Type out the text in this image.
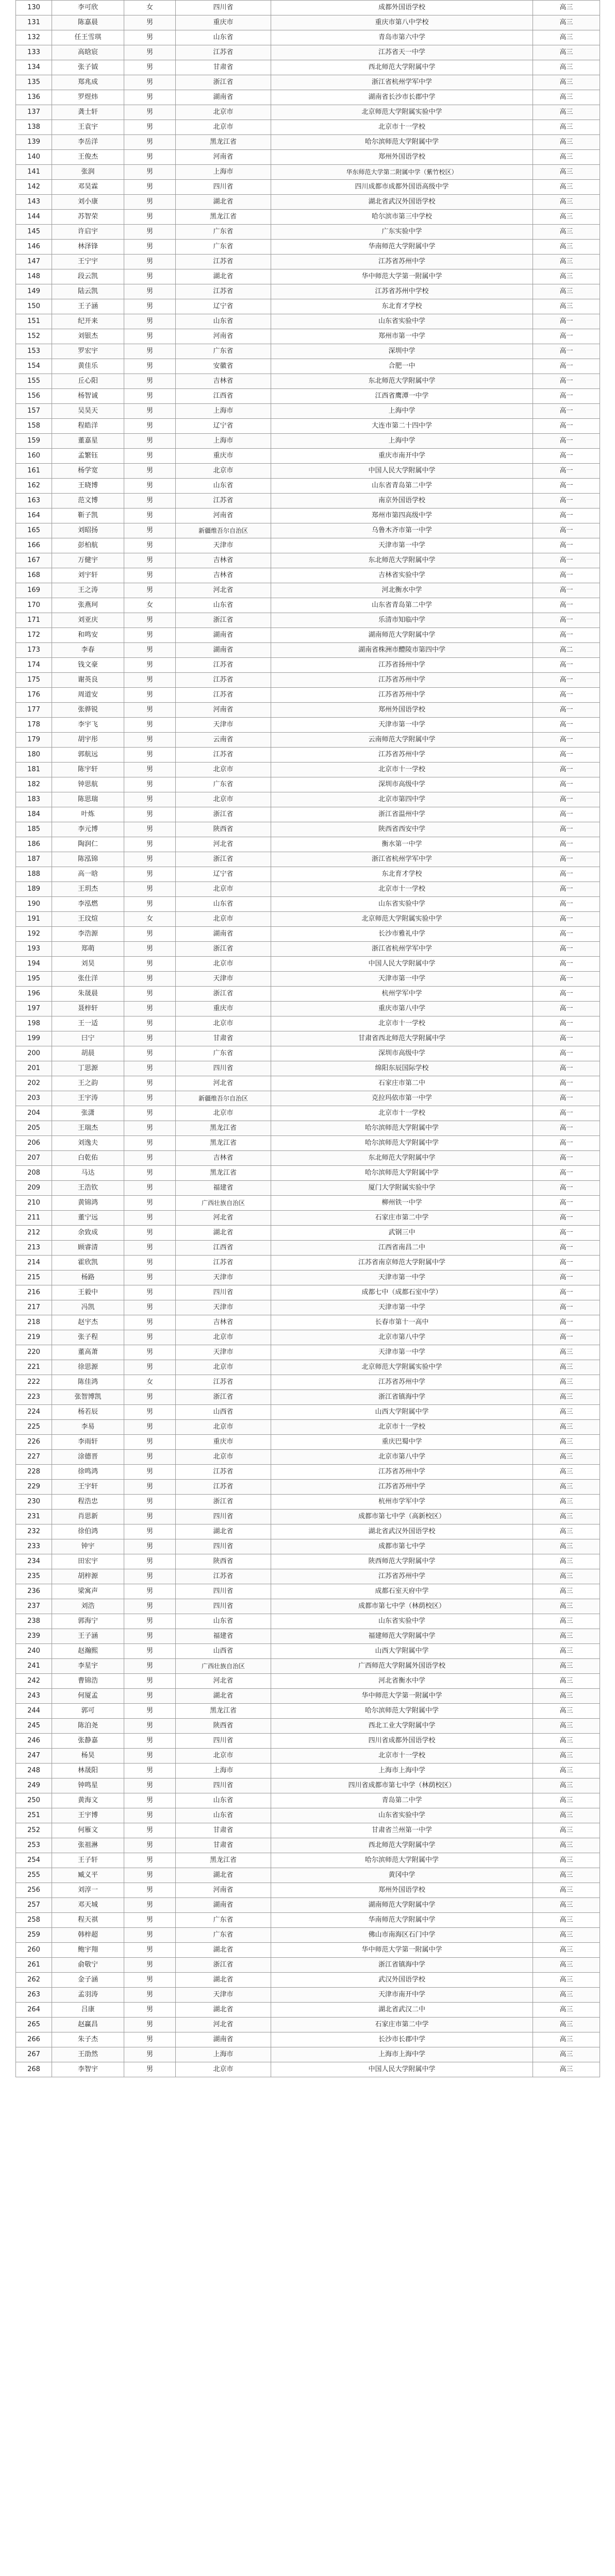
130	李可欣	女	四川省	成都外国语学校	高三
131	陈嘉晨	男	重庆市	重庆市第八中学校	高三
132	任王雪琪	男	山东省	青岛市第六中学	高三
133	高晗宸	男	江苏省	江苏省天一中学	高三
134	张子钺	男	甘肃省	西北师范大学附属中学	高三
135	郑兆成	男	浙江省	浙江省杭州学军中学	高三
136	罗煜炜	男	湖南省	湖南省长沙市长郡中学	高三
137	龚士轩	男	北京市	北京师范大学附属实验中学	高三
138	王袁宇	男	北京市	北京市十一学校	高三
139	李岳洋	男	黑龙江省	哈尔滨师范大学附属中学	高三
140	王俊杰	男	河南省	郑州外国语学校	高三
141	张润	男	上海市	华东师范大学第二附属中学（紫竹校区）	高三
142	邓昊霖	男	四川省	四川成都市成都外国语高级中学	高三
143	刘小康	男	湖北省	湖北省武汉外国语学校	高三
144	苏智荣	男	黑龙江省	哈尔滨市第三中学校	高三
145	许启宇	男	广东省	广东实验中学	高三
146	林泽锋	男	广东省	华南师范大学附属中学	高三
147	王宁宇	男	江苏省	江苏省苏州中学	高三
148	段云凯	男	湖北省	华中师范大学第一附属中学	高三
149	陆云凯	男	江苏省	江苏省苏州中学校	高三
150	王子涵	男	辽宁省	东北育才学校	高三
151	纪开来	男	山东省	山东省实验中学	高一
152	刘银杰	男	河南省	郑州市第一中学	高一
153	罗宏宇	男	广东省	深圳中学	高一
154	黄佳乐	男	安徽省	合肥一中	高一
155	丘心阳	男	吉林省	东北师范大学附属中学	高一
156	杨智诚	男	江西省	江西省鹰潭一中学	高一
157	吴昊天	男	上海市	上海中学	高一
158	程皓洋	男	辽宁省	大连市第二十四中学	高一
159	董嘉星	男	上海市	上海中学	高一
160	孟繁钰	男	重庆市	重庆市南开中学	高一
161	杨学宽	男	北京市	中国人民大学附属中学	高一
162	王晓博	男	山东省	山东省青岛第二中学	高一
163	范文博	男	江苏省	南京外国语学校	高一
164	靳子凯	男	河南省	郑州市第四高级中学	高一
165	刘昭扬	男	新疆维吾尔自治区	乌鲁木齐市第一中学	高一
166	彭柏航	男	天津市	天津市第一中学	高一
167	万健宇	男	吉林省	东北师范大学附属中学	高一
168	刘宇轩	男	吉林省	吉林省实验中学	高一
169	王之涛	男	河北省	河北衡水中学	高一
170	张燕珂	女	山东省	山东省青岛第二中学	高一
171	刘亚庆	男	浙江省	乐清市知临中学	高一
172	和鸣安	男	湖南省	湖南师范大学附属中学	高一
173	李春	男	湖南省	湖南省株洲市醴陵市第四中学	高二
174	钱文豪	男	江苏省	江苏省扬州中学	高一
175	谢英良	男	江苏省	江苏省苏州中学	高一
176	周道安	男	江苏省	江苏省苏州中学	高一
177	张骅锐	男	河南省	郑州外国语学校	高一
178	李宇飞	男	天津市	天津市第一中学	高一
179	胡宇彤	男	云南省	云南师范大学附属中学	高一
180	郭航远	男	江苏省	江苏省苏州中学	高一
181	陈宇轩	男	北京市	北京市十一学校	高一
182	钟思航	男	广东省	深圳市高级中学	高一
183	陈思瑞	男	北京市	北京市第四中学	高一
184	叶炼	男	浙江省	浙江省温州中学	高一
185	李元博	男	陕西省	陕西省西安中学	高一
186	陶润仁	男	河北省	衡水第一中学	高一
187	陈泓锦	男	浙江省	浙江省杭州学军中学	高一
188	高一晗	男	辽宁省	东北育才学校	高一
189	王玥杰	男	北京市	北京市十一学校	高一
190	李泓燃	男	山东省	山东省实验中学	高一
191	王玟煊	女	北京市	北京师范大学附属实验中学	高一
192	李浩源	男	湖南省	长沙市雅礼中学	高一
193	郑萌	男	浙江省	浙江省杭州学军中学	高一
194	刘昊	男	北京市	中国人民大学附属中学	高一
195	张仕洋	男	天津市	天津市第一中学	高一
196	朱晟晨	男	浙江省	杭州学军中学	高一
197	聂梓轩	男	重庆市	重庆市第八中学	高一
198	王一适	男	北京市	北京市十一学校	高一
199	曰宁	男	甘肃省	甘肃省西北师范大学附属中学	高一
200	胡晨	男	广东省	深圳市高级中学	高一
201	丁思源	男	四川省	绵阳东辰国际学校	高一
202	王之韵	男	河北省	石家庄市第二中	高一
203	王宇涛	男	新疆维吾尔自治区	克拉玛依市第一中学	高一
204	张潇	男	北京市	北京市十一学校	高一
205	王瑞杰	男	黑龙江省	哈尔滨师范大学附属中学	高一
206	刘逸夫	男	黑龙江省	哈尔滨师范大学附属中学	高一
207	白乾佑	男	吉林省	东北师范大学附属中学	高一
208	马达	男	黑龙江省	哈尔滨师范大学附属中学	高一
209	王浩钦	男	福建省	厦门大学附属实验中学	高一
210	黄锦鸿	男	广西壮族自治区	柳州铁一中学	高一
211	董宁远	男	河北省	石家庄市第二中学	高一
212	余致成	男	湖北省	武钢三中	高一
213	顾睿清	男	江西省	江西省南昌二中	高一
214	霍欣凯	男	江苏省	江苏省南京师范大学附属中学	高一
215	杨路	男	天津市	天津市第一中学	高一
216	王毅中	男	四川省	成都七中（成都石室中学）	高一
217	冯凯	男	天津市	天津市第一中学	高一
218	赵宇杰	男	吉林省	长春市第十一高中	高一
219	张子程	男	北京市	北京市第八中学	高一
220	董高萧	男	天津市	天津市第一中学	高三
221	徐思源	男	北京市	北京师范大学附属实验中学	高三
222	陈佳鸿	女	江苏省	江苏省苏州中学	高三
223	张智博凯	男	浙江省	浙江省镇海中学	高三
224	杨若辰	男	山西省	山西大学附属中学	高三
225	李易	男	北京市	北京市十一学校	高三
226	李雨轩	男	重庆市	重庆巴蜀中学	高三
227	涂德晋	男	北京市	北京市第八中学	高三
228	徐鸣鸿	男	江苏省	江苏省苏州中学	高三
229	王宇轩	男	江苏省	江苏省苏州中学	高三
230	程浩忠	男	浙江省	杭州市学军中学	高三
231	肖思新	男	四川省	成都市第七中学（高新校区）	高三
232	徐伯鸿	男	湖北省	湖北省武汉外国语学校	高三
233	钟宇	男	四川省	成都市第七中学	高三
234	田宏宇	男	陕西省	陕西师范大学附属中学	高三
235	胡梓源	男	江苏省	江苏省苏州中学	高三
236	梁寓声	男	四川省	成都石室天府中学	高三
237	刘浩	男	四川省	成都市第七中学（林荫校区）	高三
238	郭海宁	男	山东省	山东省实验中学	高三
239	王子涵	男	福建省	福建师范大学附属中学	高三
240	赵瀚熙	男	山西省	山西大学附属中学	高三
241	李星宇	男	广西壮族自治区	广西师范大学附属外国语学校	高三
242	曹锦浩	男	河北省	河北省衡水中学	高三
243	何厦孟	男	湖北省	华中师范大学第一附属中学	高三
244	郭可	男	黑龙江省	哈尔滨师范大学附属中学	高三
245	陈泊尧	男	陕西省	西北工业大学附属中学	高三
246	张静嘉	男	四川省	四川省成都外国语学校	高三
247	杨昊	男	北京市	北京市十一学校	高三
248	林晟阳	男	上海市	上海市上海中学	高三
249	钟鸣星	男	四川省	四川省成都市第七中学（林荫校区）	高三
250	黄海文	男	山东省	青岛第二中学	高三
251	王宇博	男	山东省	山东省实验中学	高三
252	何雁文	男	甘肃省	甘肃省兰州第一中学	高三
253	张祖淋	男	甘肃省	西北师范大学附属中学	高三
254	王子轩	男	黑龙江省	哈尔滨师范大学附属中学	高三
255	臧义平	男	湖北省	黄冈中学	高三
256	刘淳一	男	河南省	郑州外国语学校	高三
257	邓天城	男	湖南省	湖南师范大学附属中学	高三
258	程天祺	男	广东省	华南师范大学附属中学	高三
259	韩梓超	男	广东省	佛山市南海区石门中学	高三
260	鲍宇翔	男	湖北省	华中师范大学第一附属中学	高三
261	俞敬宁	男	浙江省	浙江省镇海中学	高三
262	金子涵	男	湖北省	武汉外国语学校	高三
263	孟羽涛	男	天津市	天津市南开中学	高三
264	吕康	男	湖北省	湖北省武汉二中	高三
265	赵赢昌	男	河北省	石家庄市第二中学	高三
266	朱子杰	男	湖南省	长沙市长郡中学	高三
267	王劭然	男	上海市	上海市上海中学	高三
268	李智宇	男	北京市	中国人民大学附属中学	高三
